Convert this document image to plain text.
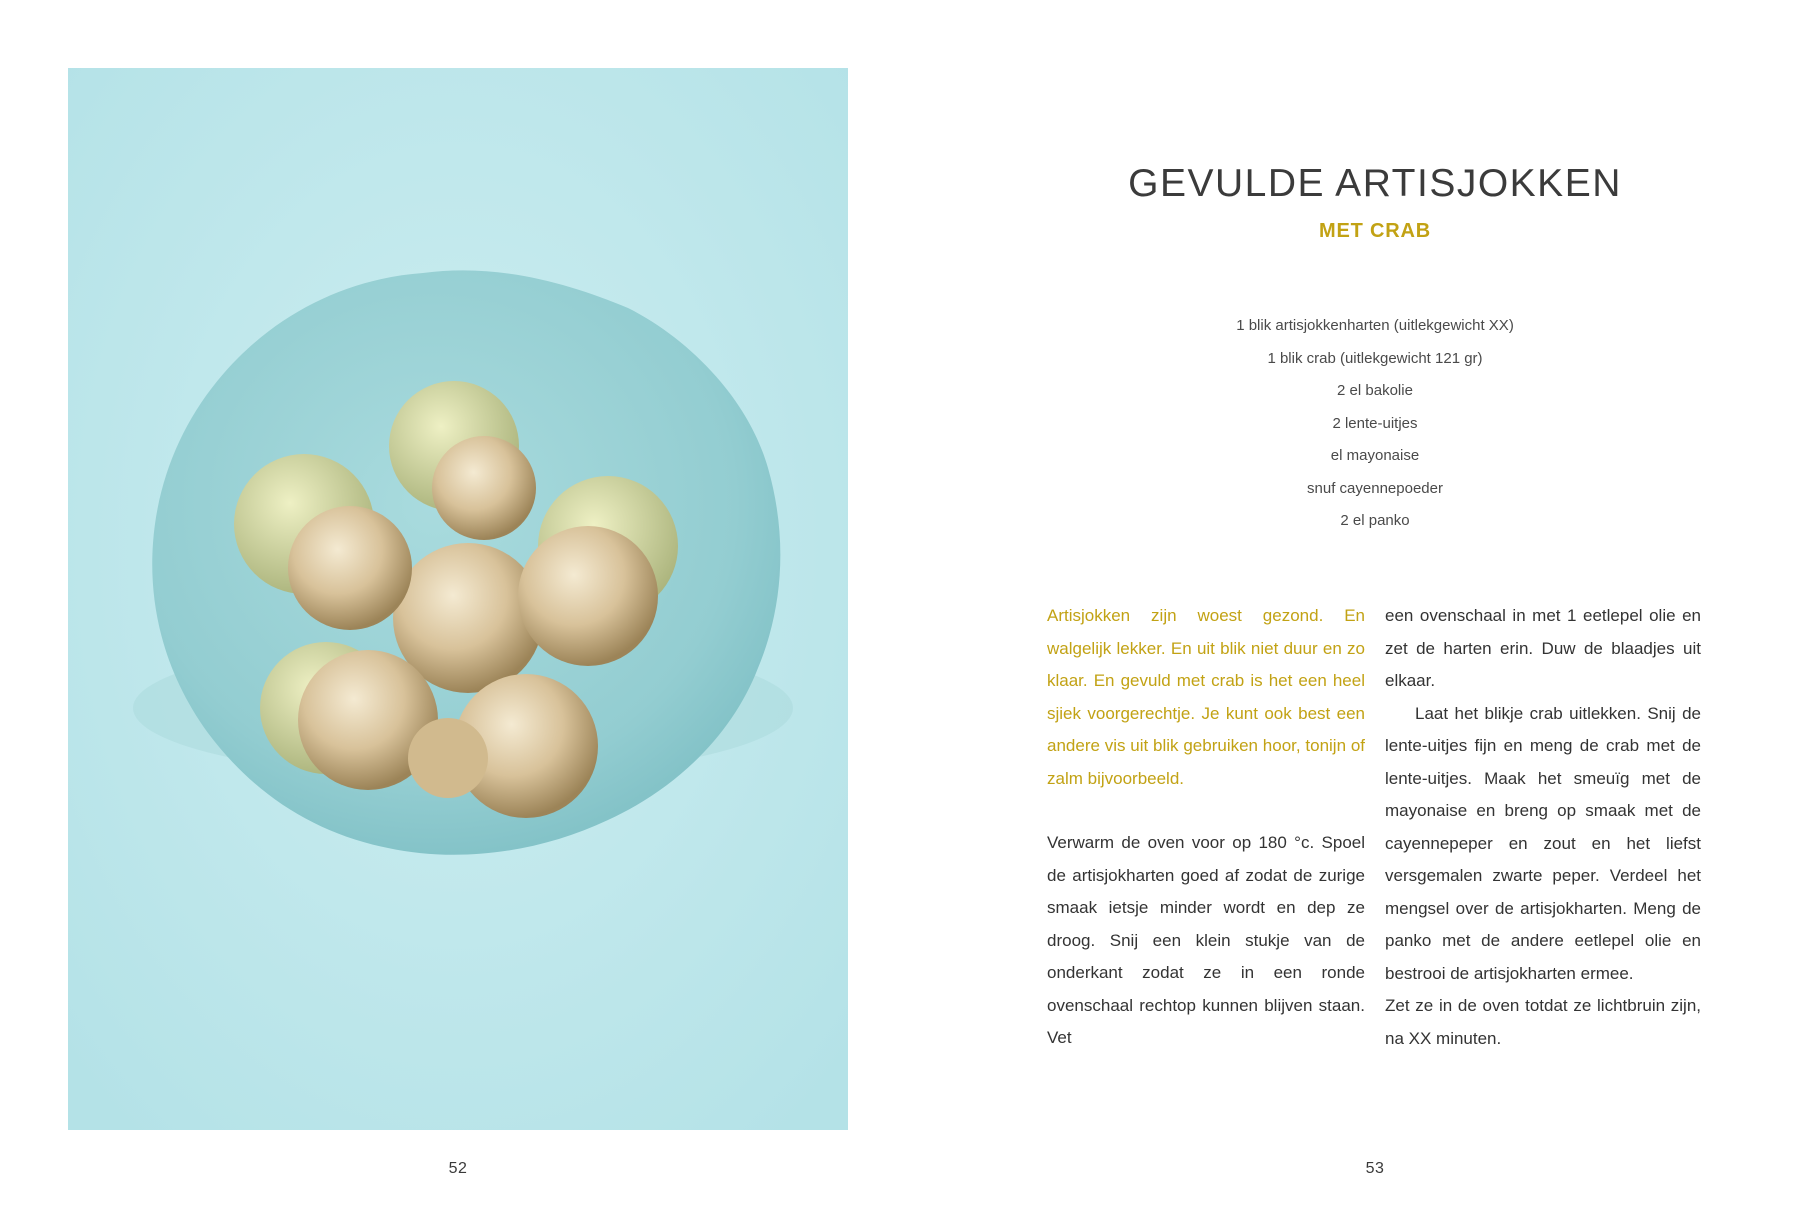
52
GEVULDE ARTISJOKKEN
MET CRAB
1 blik artisjokkenharten (uitlekgewicht XX)
1 blik crab (uitlekgewicht 121 gr)
2 el bakolie
2 lente-uitjes
el mayonaise
snuf cayennepoeder
2 el panko

Artisjokken zijn woest gezond. En walgelijk lekker. En uit blik niet duur en zo klaar. En gevuld met crab is het een heel sjiek voorgerechtje. Je kunt ook best een andere vis uit blik gebruiken hoor, tonijn of zalm bijvoorbeeld.

Verwarm de oven voor op 180 °c. Spoel de artisjokharten goed af zodat de zurige smaak ietsje minder wordt en dep ze droog. Snij een klein stukje van de onderkant zodat ze in een ronde ovenschaal rechtop kunnen blijven staan. Vet

een ovenschaal in met 1 eetlepel olie en zet de harten erin. Duw de blaadjes uit elkaar.

Laat het blikje crab uitlekken. Snij de lente-uitjes fijn en meng de crab met de lente-uitjes. Maak het smeuïg met de mayonaise en breng op smaak met de cayennepeper en zout en het liefst versgemalen zwarte peper. Verdeel het mengsel over de artisjokharten. Meng de panko met de andere eetlepel olie en bestrooi de artisjokharten ermee.

Zet ze in de oven totdat ze lichtbruin zijn, na XX minuten.

53
